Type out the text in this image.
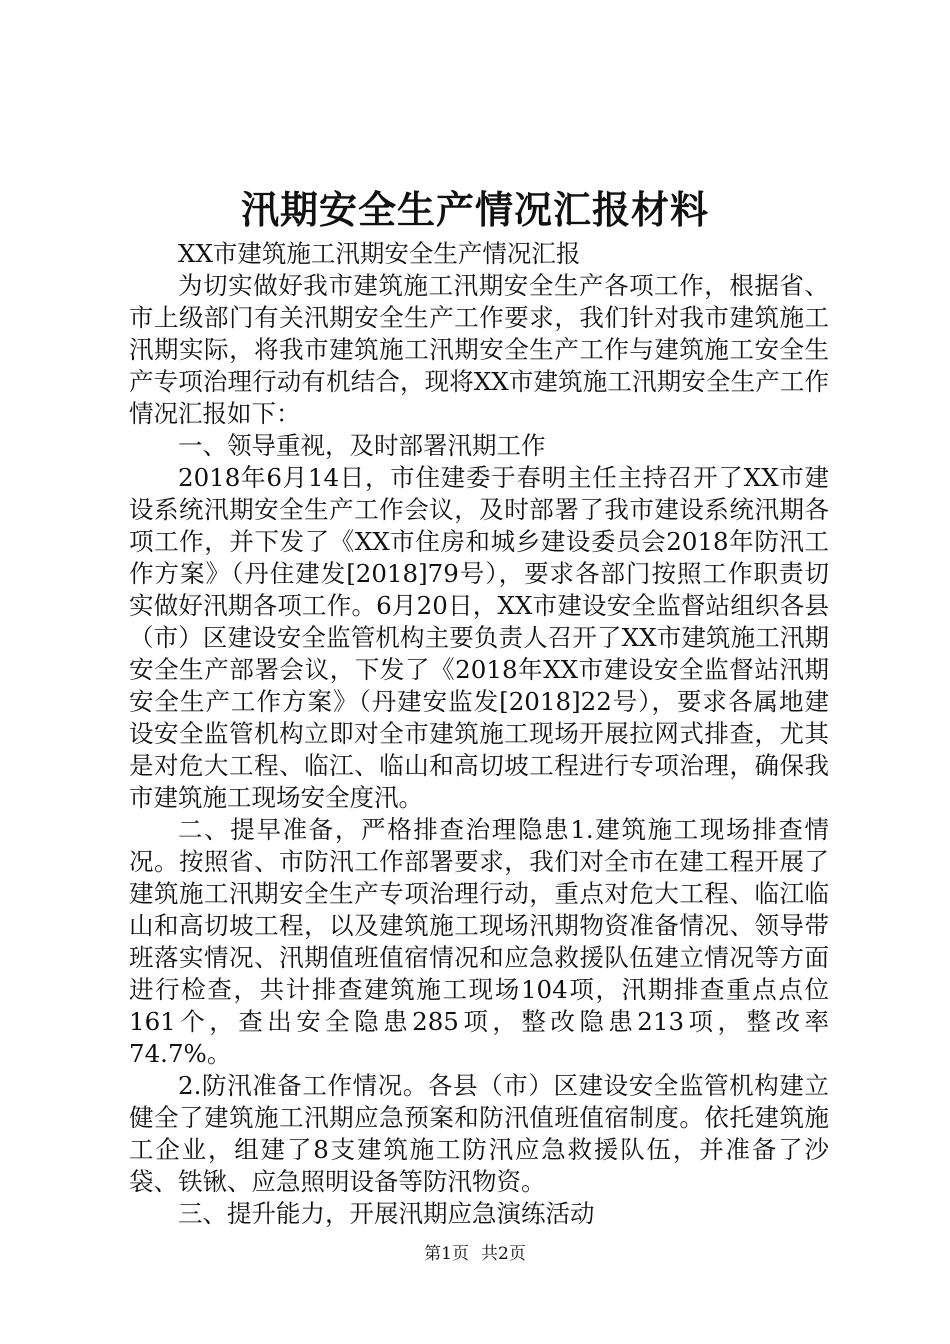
汛期安全生产情况汇报材料

XX市建筑施工汛期安全生产情况汇报

为切实做好我市建筑施工汛期安全生产各项工作，根据省、市上级部门有关汛期安全生产工作要求，我们针对我市建筑施工汛期实际，将我市建筑施工汛期安全生产工作与建筑施工安全生产专项治理行动有机结合，现将XX市建筑施工汛期安全生产工作情况汇报如下：

一、领导重视，及时部署汛期工作

2018年6月14日，市住建委于春明主任主持召开了XX市建设系统汛期安全生产工作会议，及时部署了我市建设系统汛期各项工作，并下发了《XX市住房和城乡建设委员会2018年防汛工作方案》（丹住建发[2018]79号），要求各部门按照工作职责切实做好汛期各项工作。6月20日，XX市建设安全监督站组织各县（市）区建设安全监管机构主要负责人召开了XX市建筑施工汛期安全生产部署会议，下发了《2018年XX市建设安全监督站汛期安全生产工作方案》（丹建安监发[2018]22号），要求各属地建设安全监管机构立即对全市建筑施工现场开展拉网式排查，尤其是对危大工程、临江、临山和高切坡工程进行专项治理，确保我市建筑施工现场安全度汛。

二、提早准备，严格排查治理隐患1.建筑施工现场排查情况。按照省、市防汛工作部署要求，我们对全市在建工程开展了建筑施工汛期安全生产专项治理行动，重点对危大工程、临江临山和高切坡工程，以及建筑施工现场汛期物资准备情况、领导带班落实情况、汛期值班值宿情况和应急救援队伍建立情况等方面进行检查，共计排查建筑施工现场104项，汛期排查重点点位161个，查出安全隐患285项，整改隐患213项，整改率74.7%。

2.防汛准备工作情况。各县（市）区建设安全监管机构建立健全了建筑施工汛期应急预案和防汛值班值宿制度。依托建筑施工企业，组建了8支建筑施工防汛应急救援队伍，并准备了沙袋、铁锹、应急照明设备等防汛物资。

三、提升能力，开展汛期应急演练活动

第1页 共2页
